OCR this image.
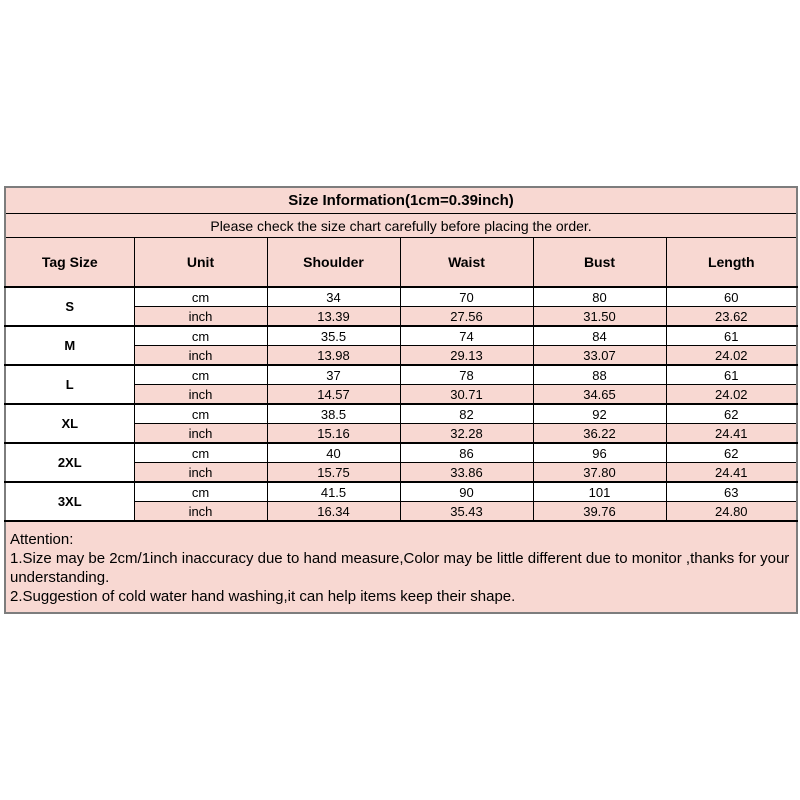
Size Information(1cm=0.39inch)					
Please check the size chart carefully before placing the order.					
Tag Size	Unit	Shoulder	Waist	Bust	Length
S	cm	34	70	80	60
	inch	13.39	27.56	31.50	23.62
M	cm	35.5	74	84	61
	inch	13.98	29.13	33.07	24.02
L	cm	37	78	88	61
	inch	14.57	30.71	34.65	24.02
XL	cm	38.5	82	92	62
	inch	15.16	32.28	36.22	24.41
2XL	cm	40	86	96	62
	inch	15.75	33.86	37.80	24.41
3XL	cm	41.5	90	101	63
	inch	16.34	35.43	39.76	24.80

Attention:
1.Size may be 2cm/1inch inaccuracy due to hand measure,Color may be little different due to monitor ,thanks for your understanding.
2.Suggestion of cold water hand washing,it can help items keep their shape.					
